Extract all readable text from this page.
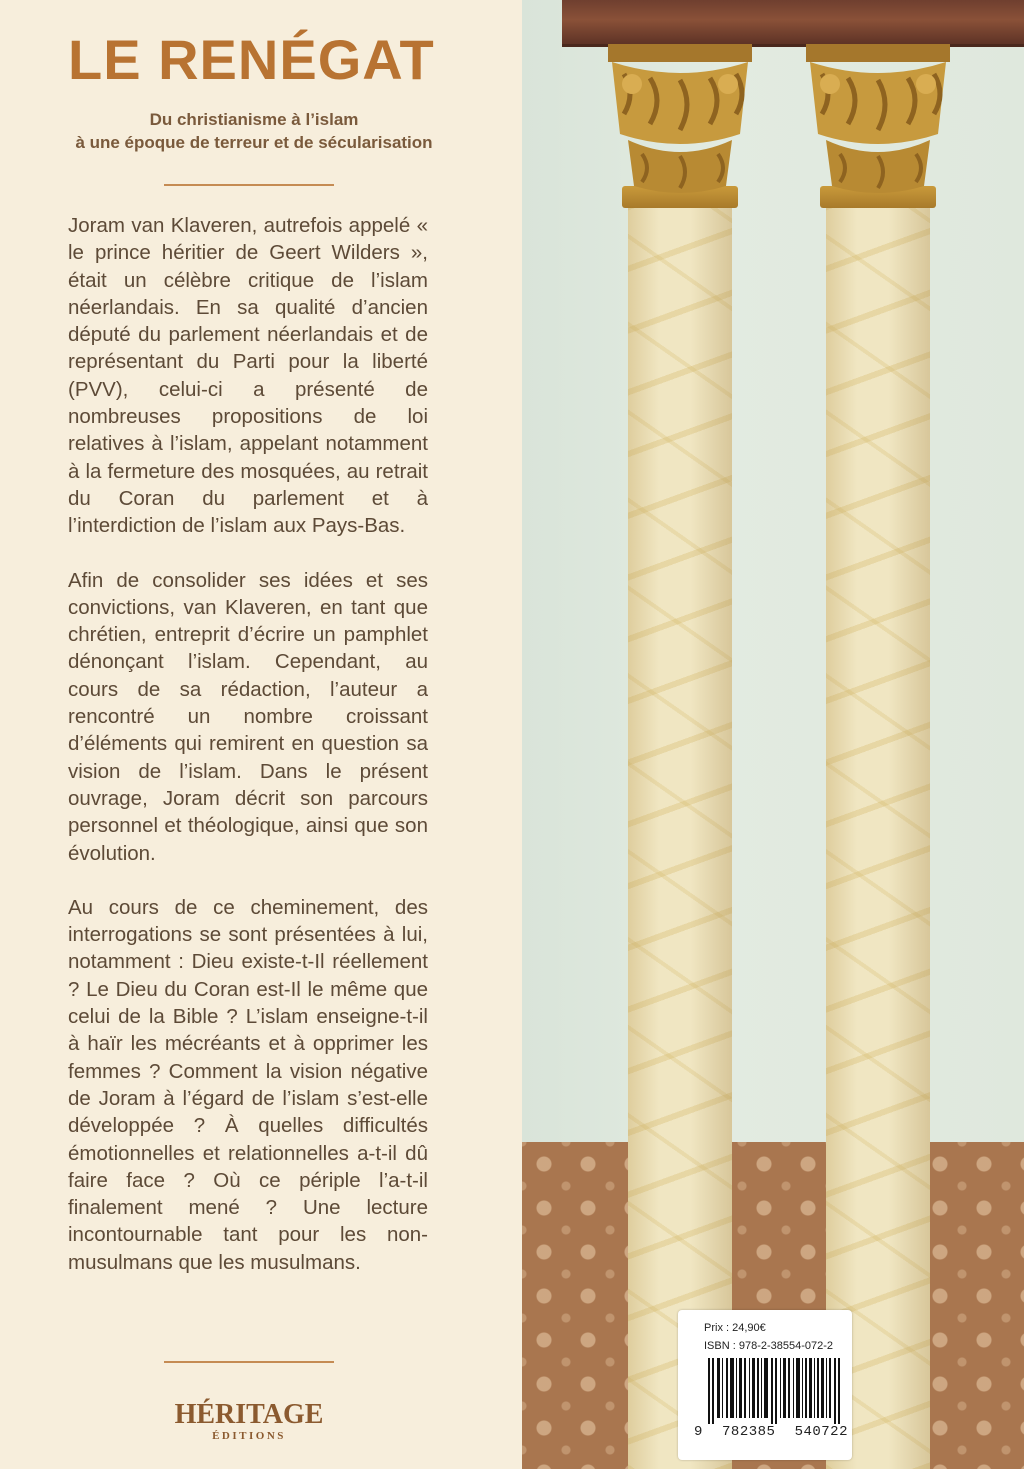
LE RENÉGAT
Du christianisme à l’islam
à une époque de terreur et de sécularisation

Joram van Klaveren, autrefois appelé « le prince héritier de Geert Wilders », était un célèbre critique de l’islam néerlandais. En sa qualité d’ancien député du parlement néerlandais et de représentant du Parti pour la liberté (PVV), celui-ci a présenté de nombreuses propositions de loi relatives à l’islam, appelant notamment à la fermeture des mosquées, au retrait du Coran du parlement et à l’interdiction de l’islam aux Pays-Bas.

Afin de consolider ses idées et ses convictions, van Klaveren, en tant que chrétien, entreprit d’écrire un pamphlet dénonçant l’islam. Cependant, au cours de sa rédaction, l’auteur a rencontré un nombre croissant d’éléments qui remirent en question sa vision de l’islam. Dans le présent ouvrage, Joram décrit son parcours personnel et théologique, ainsi que son évolution.

Au cours de ce cheminement, des interrogations se sont présentées à lui, notamment : Dieu existe-t-Il réellement ? Le Dieu du Coran est-Il le même que celui de la Bible ? L’islam enseigne-t-il à haïr les mécréants et à opprimer les femmes ? Comment la vision négative de Joram à l’égard de l’islam s’est-elle développée ? À quelles difficultés émotionnelles et relationnelles a-t-il dû faire face ? Où ce périple l’a-t-il finalement mené ? Une lecture incontournable tant pour les non-musulmans que les musulmans.

HÉRITAGE
ÉDITIONS
Prix : 24,90€
ISBN : 978-2-38554-072-2
9 782385 540722
